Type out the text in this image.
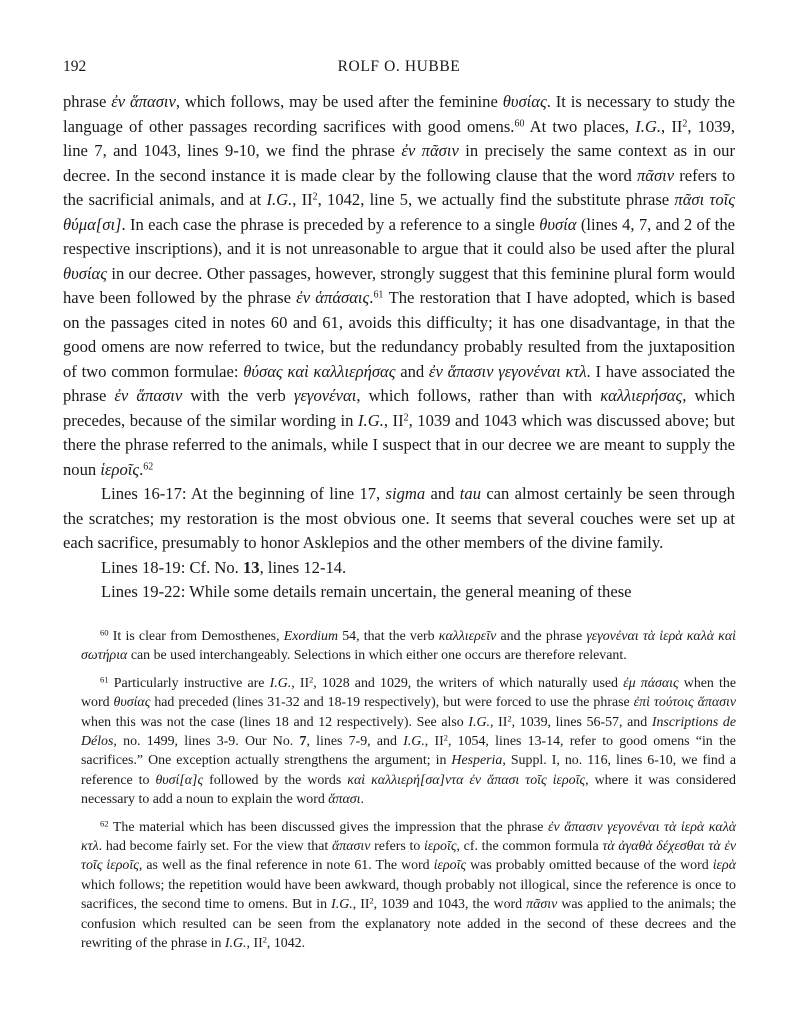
192	ROLF O. HUBBE

phrase ἐν ἅπασιν, which follows, may be used after the feminine θυσίας. It is necessary to study the language of other passages recording sacrifices with good omens.$^{60}$ At two places, I.G., $II^2$, 1039, line 7, and 1043, lines 9-10, we find the phrase ἐν πᾶσιν in precisely the same context as in our decree. In the second instance it is made clear by the following clause that the word πᾶσιν refers to the sacrificial animals, and at I.G., $II^2$, 1042, line 5, we actually find the substitute phrase πᾶσι τοῖς θύμα[σι]. In each case the phrase is preceded by a reference to a single θυσία (lines 4, 7, and 2 of the respective inscriptions), and it is not unreasonable to argue that it could also be used after the plural θυσίας in our decree. Other passages, however, strongly suggest that this feminine plural form would have been followed by the phrase ἐν ἁπάσαις.$^{61}$ The restoration that I have adopted, which is based on the passages cited in notes 60 and 61, avoids this difficulty; it has one disadvantage, in that the good omens are now referred to twice, but the redundancy probably resulted from the juxtaposition of two common formulae: θύσας καὶ καλλιερήσας and ἐν ἅπασιν γεγονέναι κτλ. I have associated the phrase ἐν ἅπασιν with the verb γεγονέναι, which follows, rather than with καλλιερήσας, which precedes, because of the similar wording in I.G., $II^2$, 1039 and 1043 which was discussed above; but there the phrase referred to the animals, while I suspect that in our decree we are meant to supply the noun ἱεροῖς.$^{62}$

Lines 16-17: At the beginning of line 17, sigma and tau can almost certainly be seen through the scratches; my restoration is the most obvious one. It seems that several couches were set up at each sacrifice, presumably to honor Asklepios and the other members of the divine family.

Lines 18-19: Cf. No. 13, lines 12-14.

Lines 19-22: While some details remain uncertain, the general meaning of these

$^{60}$ It is clear from Demosthenes, Exordium 54, that the verb καλλιερεῖν and the phrase γεγονέναι τὰ ἱερὰ καλὰ καὶ σωτήρια can be used interchangeably. Selections in which either one occurs are therefore relevant.

$^{61}$ Particularly instructive are I.G., $II^2$, 1028 and 1029, the writers of which naturally used ἐμ πάσαις when the word θυσίας had preceded (lines 31-32 and 18-19 respectively), but were forced to use the phrase ἐπὶ τούτοις ἅπασιν when this was not the case (lines 18 and 12 respectively). See also I.G., $II^2$, 1039, lines 56-57, and Inscriptions de Délos, no. 1499, lines 3-9. Our No. 7, lines 7-9, and I.G., $II^2$, 1054, lines 13-14, refer to good omens “in the sacrifices.” One exception actually strengthens the argument; in Hesperia, Suppl. I, no. 116, lines 6-10, we find a reference to θυσί[α]ς followed by the words καὶ καλλιερή[σα]ντα ἐν ἅπασι τοῖς ἱεροῖς, where it was considered necessary to add a noun to explain the word ἅπασι.

$^{62}$ The material which has been discussed gives the impression that the phrase ἐν ἅπασιν γεγονέναι τὰ ἱερὰ καλὰ κτλ. had become fairly set. For the view that ἅπασιν refers to ἱεροῖς, cf. the common formula τὰ ἀγαθὰ δέχεσθαι τὰ ἐν τοῖς ἱεροῖς, as well as the final reference in note 61. The word ἱεροῖς was probably omitted because of the word ἱερὰ which follows; the repetition would have been awkward, though probably not illogical, since the reference is once to sacrifices, the second time to omens. But in I.G., $II^2$, 1039 and 1043, the word πᾶσιν was applied to the animals; the confusion which resulted can be seen from the explanatory note added in the second of these decrees and the rewriting of the phrase in I.G., $II^2$, 1042.
